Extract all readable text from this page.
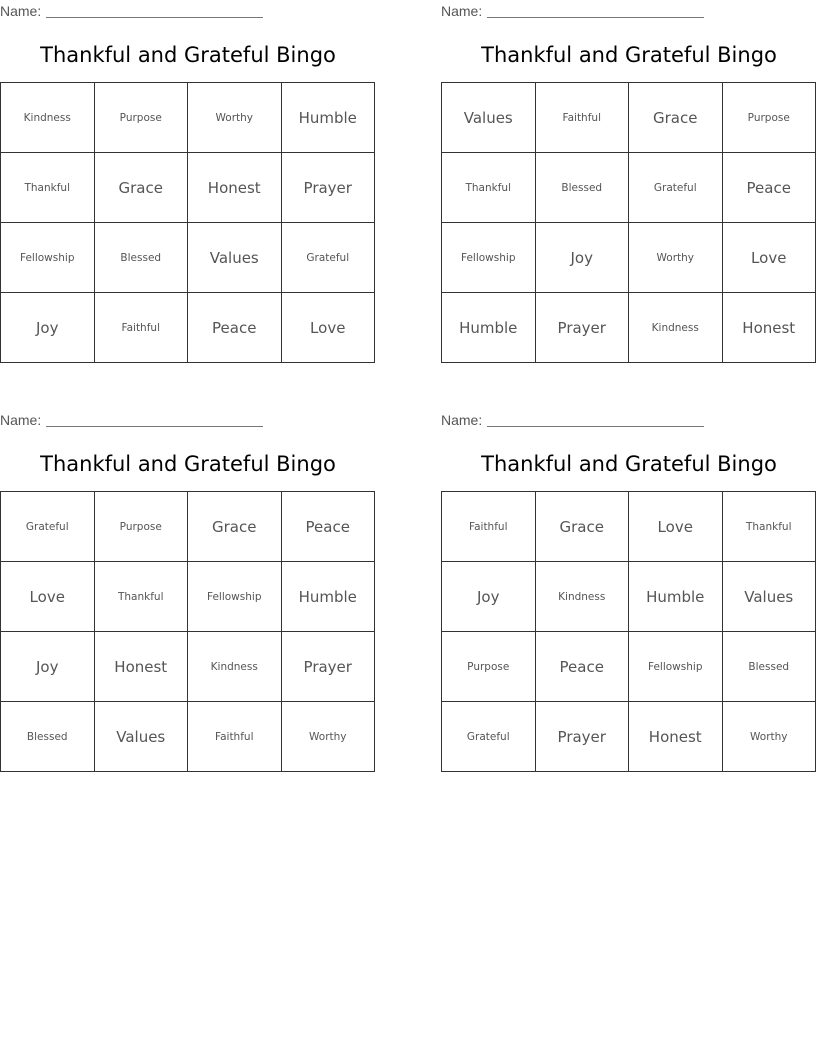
Name:
Thankful and Grateful Bingo
Kindness	Purpose	Worthy	Humble
Thankful	Grace	Honest	Prayer
Fellowship	Blessed	Values	Grateful
Joy	Faithful	Peace	Love
Name:
Thankful and Grateful Bingo
Values	Faithful	Grace	Purpose
Thankful	Blessed	Grateful	Peace
Fellowship	Joy	Worthy	Love
Humble	Prayer	Kindness	Honest
Name:
Thankful and Grateful Bingo
Grateful	Purpose	Grace	Peace
Love	Thankful	Fellowship	Humble
Joy	Honest	Kindness	Prayer
Blessed	Values	Faithful	Worthy
Name:
Thankful and Grateful Bingo
Faithful	Grace	Love	Thankful
Joy	Kindness	Humble	Values
Purpose	Peace	Fellowship	Blessed
Grateful	Prayer	Honest	Worthy
